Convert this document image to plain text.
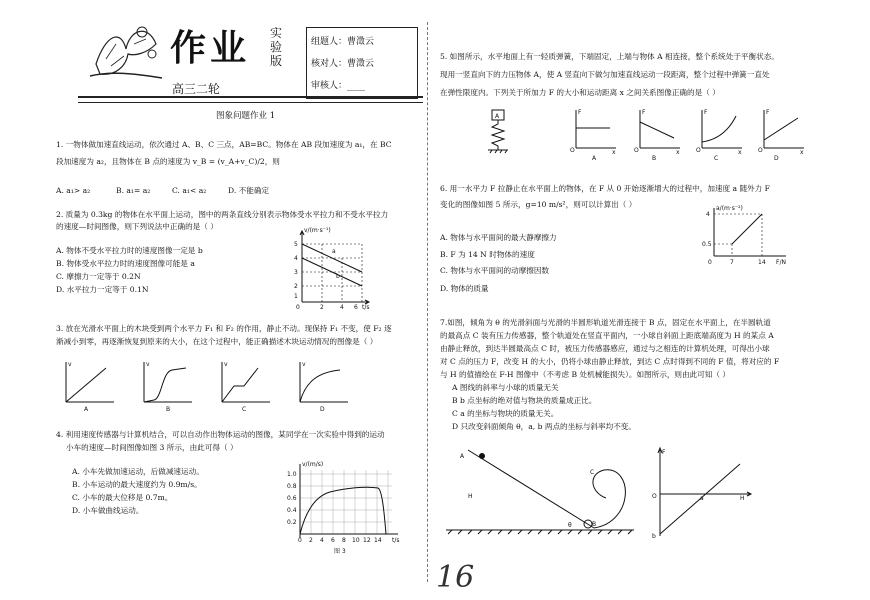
作业 实验版
高三二轮
组题人：曹澂云
核对人：曹澂云
审核人：____
图象问题作业 1
1. 一物体做加速直线运动，依次通过 A、B、C 三点，AB=BC。物体在 AB 段加速度为 a₁，在 BC
段加速度为 a₂，且物体在 B 点的速度为 v_B = (v_A+v_C)/2，则
A. a₁> a₂	B. a₁= a₂	C. a₁< a₂	D. 不能确定
2. 质量为 0.3kg 的物体在水平面上运动，图中的两条直线分别表示物体受水平拉力和不受水平拉力
的速度—时间图像，则下列说法中正确的是（ ）
A. 物体不受水平拉力时的速度图像一定是 b
B. 物体受水平拉力时的速度图像可能是 a
C. 摩擦力一定等于 0.2N
D. 水平拉力一定等于 0.1N
v/(m·s⁻¹)
t/s
5
4
3
2
1
0	2	4 6
a
b
3. 放在光滑水平面上的木块受到两个水平力 F₁ 和 F₂ 的作用，静止不动。现保持 F₁ 不变，使 F₂ 逐
渐减小到零，再逐渐恢复到原来的大小，在这个过程中，能正确描述木块运动情况的图像是（ ）
v
A
v
B
v
C
v
D
4. 利用速度传感器与计算机结合，可以自动作出物体运动的图像，某同学在一次实验中得到的运动
小车的速度—时间图像如图 3 所示，由此可得（ ）
A. 小车先做加速运动，后做减速运动。
B. 小车运动的最大速度约为 0.9m/s。
C. 小车的最大位移是 0.7m。
D. 小车做曲线运动。
v/(m/s)
t/s
1.0
0.8
0.6
0.4
0.2
0 2 4 6 8 10 12 14
图 3
5. 如图所示，水平地面上有一轻质弹簧，下端固定，上端与物体 A 相连接，整个系统处于平衡状态。
现用一竖直向下的力压物体 A，使 A 竖直向下做匀加速直线运动一段距离，整个过程中弹簧一直处
在弹性限度内。下列关于所加力 F 的大小和运动距离 x 之间关系图像正确的是（ ）
A
F
O	x
A
F
O	x
B
F
O	x
C
F
O	x
D
6. 用一水平力 F 拉静止在水平面上的物体，在 F 从 0 开始逐渐增大的过程中，加速度 a 随外力 F
变化的图像如图 5 所示，g=10 m/s²，则可以计算出（ ）
A. 物体与水平面间的最大静摩擦力
B. F 为 14 N 时物体的速度
C. 物体与水平面间的动摩擦因数
D. 物体的质量
a/(m·s⁻²)
F/N
4
0.5
0	7	14
7.如图，倾角为 θ 的光滑斜面与光滑的半圆形轨道光滑连接于 B 点，固定在水平面上，在半圆轨道
的最高点 C 装有压力传感器，整个轨道处在竖直平面内，一小球自斜面上距底端高度为 H 的某点 A
由静止释放，到达半圆最高点 C 时，被压力传感器感应，通过与之相连的计算机处理，可得出小球
对 C 点的压力 F，改变 H 的大小，仍将小球由静止释放，到达 C 点时得到不同的 F 值，将对应的 F
与 H 的值描绘在 F-H 图像中（不考虑 B 处机械能损失）。如图所示，则由此可知（ ）
A 图线的斜率与小球的质量无关
B b 点坐标的绝对值与物块的质量成正比。
C a 的坐标与物块的质量无关。
D 只改变斜面倾角 θ，a, b 两点的坐标与斜率均不变。
A
C
H
θ	B
F
H
a
b
O
16
